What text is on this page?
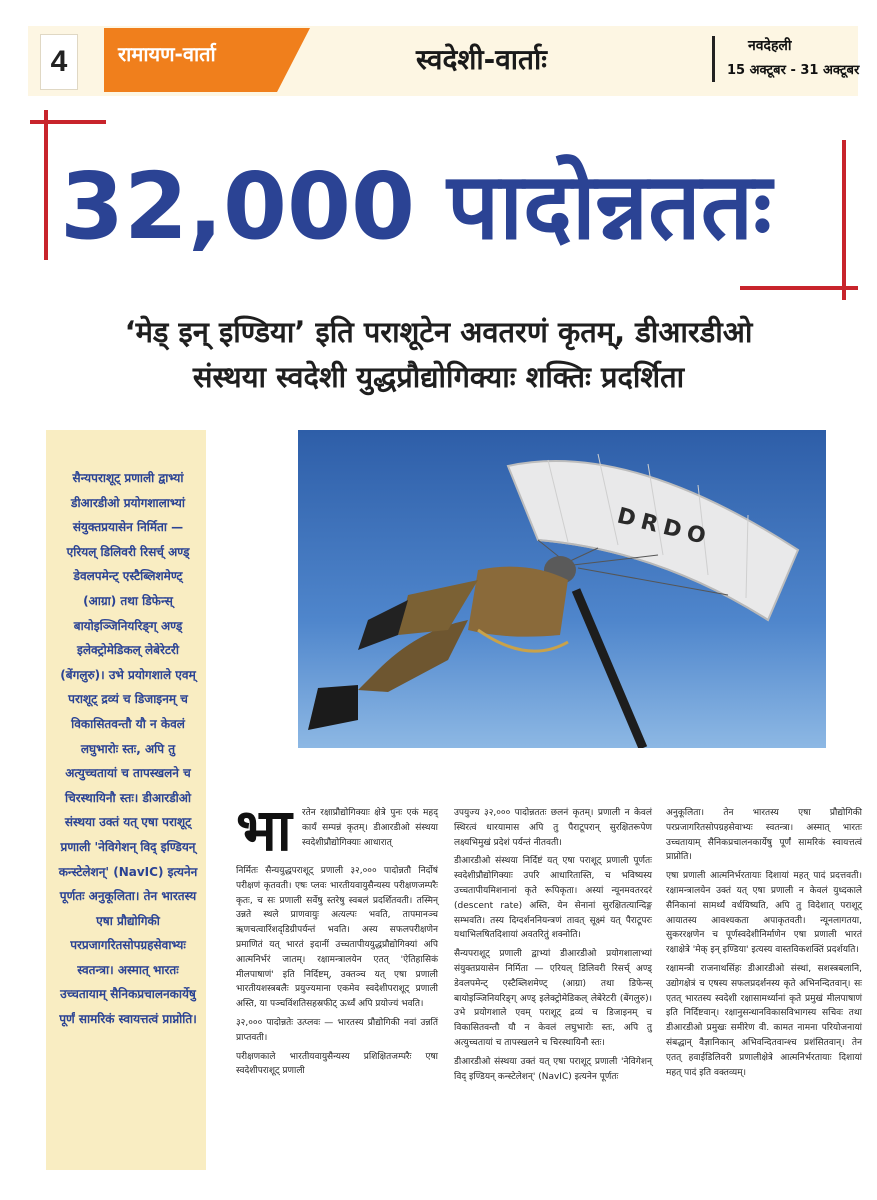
4	रामायण-वार्ता	स्वदेशी-वार्ताः	नवदेहली
15 अक्टूबर - 31 अक्टूबर
32,000 पादोन्नततः
‘मेड् इन् इण्डिया’ इति पराशूटेन अवतरणं कृतम्, डीआरडीओ
संस्थया स्वदेशी युद्धप्रौद्योगिक्याः शक्तिः प्रदर्शिता
सैन्यपराशूट् प्रणाली द्वाभ्यां डीआरडीओ प्रयोगशालाभ्यां संयुक्तप्रयासेन निर्मिता — एरियल् डिलिवरी रिसर्च् अण्ड् डेवलपमेन्ट् एस्टैब्लिशमेण्ट् (आग्रा) तथा डिफेन्स् बायोइञ्जिनियरिङ्ग् अण्ड् इलेक्ट्रोमेडिकल् लेबेरेटरी (बेंगलुरु)। उभे प्रयोगशाले एवम् पराशूट् द्रव्यं च डिजाइनम् च विकासितवन्तौ यौ न केवलं लघुभारोः स्तः, अपि तु अत्युच्चतायां च तापस्खलने च चिरस्थायिनौ स्तः। डीआरडीओ संस्थया उक्तं यत् एषा पराशूट् प्रणाली 'नेविगेशन् विद् इण्डियन् कन्स्टेलेशन्' (NavIC) इत्यनेन पूर्णतः अनुकूलिता। तेन भारतस्य एषा प्रौद्योगिकी परप्रजागरितसोपग्रहसेवाभ्यः स्वतन्त्रा। अस्मात् भारतः उच्चतायाम् सैनिकप्रचालनकार्येषु पूर्णं सामरिकं स्वायत्तत्वं प्राप्नोति।
DRDO
भा रतेन रक्षाप्रौद्योगिक्याः क्षेत्रे पुनः एकं महद् कार्यं सम्पन्नं कृतम्। डीआरडीओ संस्थया स्वदेशीप्रौद्योगिक्याः आधारात्

निर्मितः सैन्ययुद्धपराशूट् प्रणाली ३२,००० पादोन्नतौ निर्दोषं परीक्षणं कृतवती। एषः प्लवः भारतीयवायुसैन्यस्य परीक्षणजम्परैः कृतः, च सः प्रणाली सर्वेषु स्तरेषु स्वबलं प्रदर्शितवती। तस्मिन् उन्नते स्थले प्राणवायुः अत्यल्पः भवति, तापमानञ्च ऋणचत्वारिंशद्डिग्रीपर्यन्तं भवति। अस्य सफलपरीक्षणेन प्रमाणितं यत् भारतं इदानीं उच्चतापीययुद्धप्रौद्योगिक्यां अपि आत्मनिर्भरं जातम्। रक्षामन्त्रालयेन एतत् 'ऐतिहासिकं मीलपाषाणं' इति निर्दिष्टम्, उक्तञ्च यत् एषा प्रणाली भारतीयशस्त्रबलैः प्रयुज्यमाना एकमेव स्वदेशीपराशूट् प्रणाली अस्ति, या पञ्चविंशतिसहस्रफीट् ऊर्ध्वं अपि प्रयोज्यं भवति।

३२,००० पादोन्नतेः उत्प्लवः — भारतस्य प्रौद्योगिकी नवां उन्नतिं प्राप्तवती।

परीक्षणकाले भारतीयवायुसैन्यस्य प्रशिक्षितजम्परैः एषा स्वदेशीपराशूट् प्रणाली

उपयुज्य ३२,००० पादोन्नततः छलनं कृतम्। प्रणाली न केवलं स्थिरत्वं धारयामास अपि तु पैराटूपरान् सुरक्षितरूपेण लक्ष्यभिमुखं प्रदेशं पर्यन्तं नीतवती।

डीआरडीओ संस्थया निर्दिष्टं यत् एषा पराशूट् प्रणाली पूर्णतः स्वदेशीप्रौद्योगिक्याः उपरि आधारितास्ति, च भविष्यस्य उच्चतापीयमिशनानां कृते रूपिकृता। अस्यां न्यूनमवतरदरं (descent rate) अस्ति, येन सेनानां सुरक्षितत्यान्दिङ्ग सम्भवति। तस्य दिग्दर्शननियन्त्रणं तावत् सूक्ष्मं यत् पैराटूपरः यथाभिलषितदिशायां अवतरितुं शक्नोति।

सैन्यपराशूट् प्रणाली द्वाभ्यां डीआरडीओ प्रयोगशालाभ्यां संयुक्तप्रयासेन निर्मिता — एरियल् डिलिवरी रिसर्च् अण्ड् डेवलपमेन्ट् एस्टैब्लिशमेण्ट् (आग्रा) तथा डिफेन्स् बायोइञ्जिनियरिङ्ग् अण्ड् इलेक्ट्रोमेडिकल् लेबेरेटरी (बेंगलुरु)। उभे प्रयोगशाले एवम् पराशूट् द्रव्यं च डिजाइनम् च विकासितवन्तौ यौ न केवलं लघुभारोः स्तः, अपि तु अत्युच्चतायां च तापस्खलने च चिरस्थायिनौ स्तः।

डीआरडीओ संस्थया उक्तं यत् एषा पराशूट् प्रणाली 'नेविगेशन् विद् इण्डियन् कन्स्टेलेशन्' (NavIC) इत्यनेन पूर्णतः

अनुकूलिता। तेन भारतस्य एषा प्रौद्योगिकी परप्रजागरितसोपग्रहसेवाभ्यः स्वतन्त्रा। अस्मात् भारतः उच्चतायाम् सैनिकप्रचालनकार्येषु पूर्णं सामरिकं स्वायत्तत्वं प्राप्नोति।

एषा प्रणाली आत्मनिर्भरतायाः दिशायां महत् पादं प्रदत्तवती। रक्षामन्त्रालयेन उक्तं यत् एषा प्रणाली न केवलं युध्दकाले सैनिकानां सामर्थ्यं वर्धयिष्यति, अपि तु विदेशात् पराशूट् आयातस्य आवश्यकता अपाकृतवती। न्यूनलागतया, सुकररक्षणेन च पूर्णस्वदेशीनिर्माणेन एषा प्रणाली भारतं रक्षाक्षेत्रे 'मेक् इन् इण्डिया' इत्यस्य वास्तविकशक्तिं प्रदर्शयति।

रक्षामन्त्री राजनाथसिंहः डीआरडीओ संस्थां, सशस्त्रबलानि, उद्योगक्षेत्रं च एषस्य सफलप्रदर्शनस्य कृते अभिनन्दितवान्। सः एतत् भारतस्य स्वदेशी रक्षासामर्थ्यानां कृते प्रमुखं मीलपाषाणं इति निर्दिष्टवान्। रक्षानुसन्धानविकासविभागस्य सचिवः तथा डीआरडीओ प्रमुखः समीरेण वी. कामत नामना परियोजनायां संबद्धान् वैज्ञानिकान् अभिवन्दितवान्श्च प्रशंसितवान्। तेन एतत् हवाईडिलिवरी प्रणालीक्षेत्रे आत्मनिर्भरतायाः दिशायां महत् पादं इति वक्तव्यम्।
